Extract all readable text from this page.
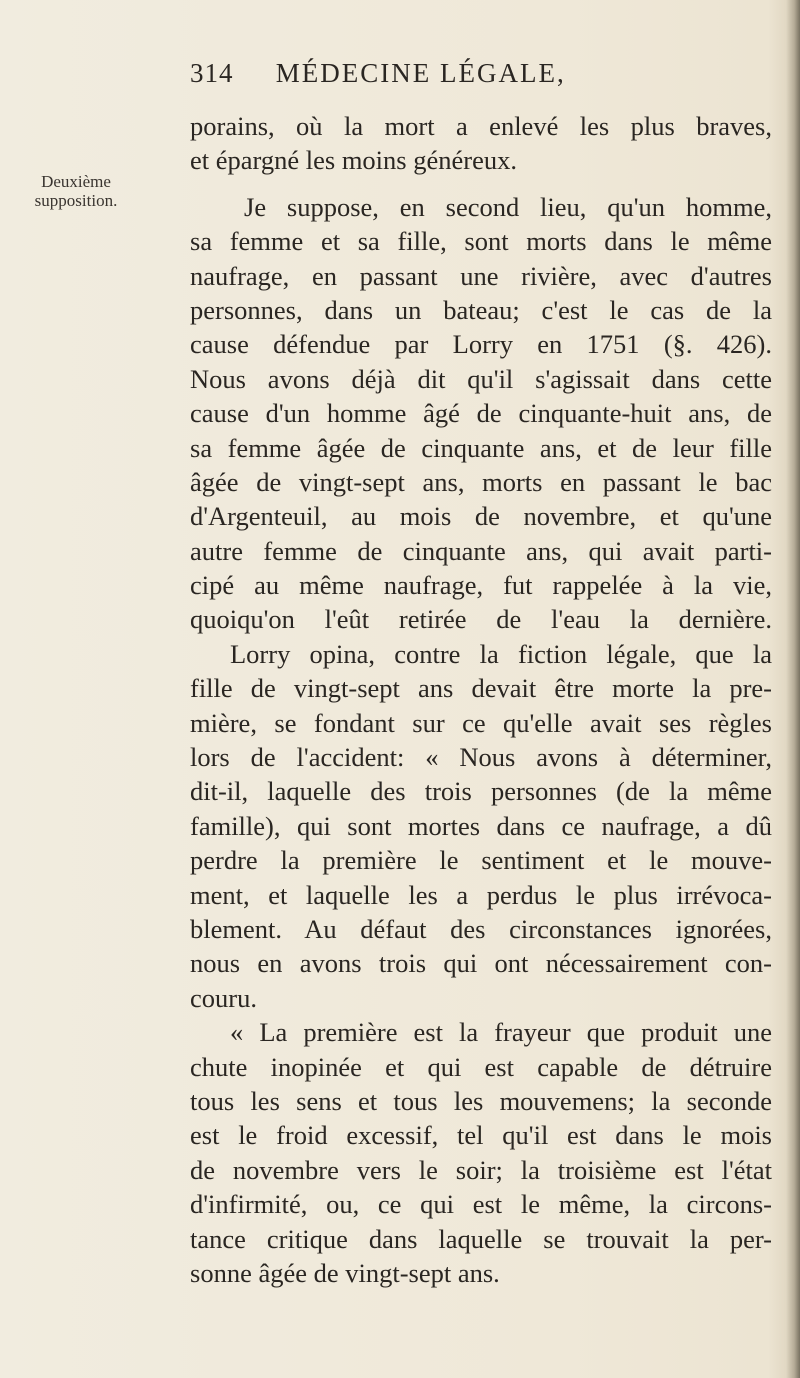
314 MÉDECINE LÉGALE,
Deuxième
supposition.
porains, où la mort a enlevé les plus braves,
et épargné les moins généreux.
Je suppose, en second lieu, qu'un homme,
sa femme et sa fille, sont morts dans le même
naufrage, en passant une rivière, avec d'autres
personnes, dans un bateau; c'est le cas de la
cause défendue par Lorry en 1751 (§. 426).
Nous avons déjà dit qu'il s'agissait dans cette
cause d'un homme âgé de cinquante-huit ans, de
sa femme âgée de cinquante ans, et de leur fille
âgée de vingt-sept ans, morts en passant le bac
d'Argenteuil, au mois de novembre, et qu'une
autre femme de cinquante ans, qui avait parti-
cipé au même naufrage, fut rappelée à la vie,
quoiqu'on l'eût retirée de l'eau la dernière.
Lorry opina, contre la fiction légale, que la
fille de vingt-sept ans devait être morte la pre-
mière, se fondant sur ce qu'elle avait ses règles
lors de l'accident: « Nous avons à déterminer,
dit-il, laquelle des trois personnes (de la même
famille), qui sont mortes dans ce naufrage, a dû
perdre la première le sentiment et le mouve-
ment, et laquelle les a perdus le plus irrévoca-
blement. Au défaut des circonstances ignorées,
nous en avons trois qui ont nécessairement con-
couru.
« La première est la frayeur que produit une
chute inopinée et qui est capable de détruire
tous les sens et tous les mouvemens; la seconde
est le froid excessif, tel qu'il est dans le mois
de novembre vers le soir; la troisième est l'état
d'infirmité, ou, ce qui est le même, la circons-
tance critique dans laquelle se trouvait la per-
sonne âgée de vingt-sept ans.
